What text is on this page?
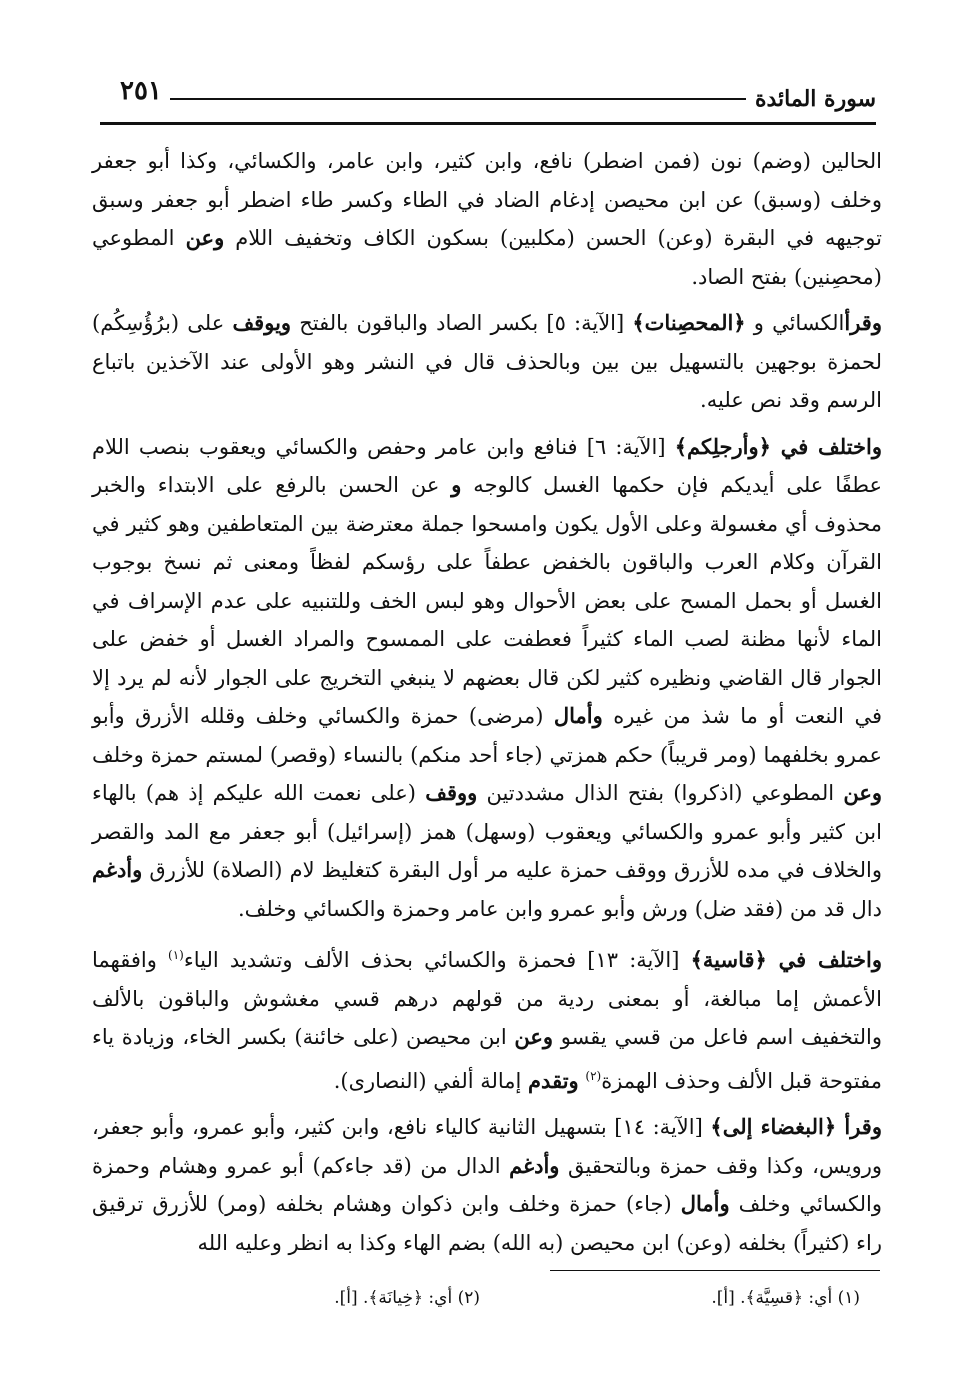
٢٥١	سورة المائدة

الحالين (وضم) نون (فمن اضطر) نافع، وابن كثير، وابن عامر، والكسائي، وكذا أبو جعفر وخلف (وسبق) عن ابن محيصن إدغام الضاد في الطاء وكسر طاء اضطر أبو جعفر وسبق توجيهه في البقرة (وعن) الحسن (مكلبين) بسكون الكاف وتخفيف اللام وعن المطوعي (محصِنين) بفتح الصاد.

وقرأالكسائي و ﴿المحصِنات﴾ [الآية: ٥] بكسر الصاد والباقون بالفتح ويوقف على (برُؤُسِكُم) لحمزة بوجهين بالتسهيل بين بين وبالحذف قال في النشر وهو الأولى عند الآخذين باتباع الرسم وقد نص عليه.

واختلف في ﴿وأرجلِكم﴾ [الآية: ٦] فنافع وابن عامر وحفص والكسائي ويعقوب بنصب اللام عطفًا على أيديكم فإن حكمها الغسل كالوجه و عن الحسن بالرفع على الابتداء والخبر محذوف أي مغسولة وعلى الأول يكون وامسحوا جملة معترضة بين المتعاطفين وهو كثير في القرآن وكلام العرب والباقون بالخفض عطفاً على رؤسكم لفظاً ومعنى ثم نسخ بوجوب الغسل أو بحمل المسح على بعض الأحوال وهو لبس الخف وللتنبيه على عدم الإسراف في الماء لأنها مظنة لصب الماء كثيراً فعطفت على الممسوح والمراد الغسل أو خفض على الجوار قال القاضي ونظيره كثير لكن قال بعضهم لا ينبغي التخريج على الجوار لأنه لم يرد إلا في النعت أو ما شذ من غيره وأمال (مرضى) حمزة والكسائي وخلف وقلله الأزرق وأبو عمرو بخلفهما (ومر قريباً) حكم همزتي (جاء أحد منكم) بالنساء (وقصر) لمستم حمزة وخلف وعن المطوعي (اذكروا) بفتح الذال مشددتين ووقف (على نعمت الله عليكم إذ هم) بالهاء ابن كثير وأبو عمرو والكسائي ويعقوب (وسهل) همز (إسرائيل) أبو جعفر مع المد والقصر والخلاف في مده للأزرق ووقف حمزة عليه مر أول البقرة كتغليظ لام (الصلاة) للأزرق وأدغم دال قد من (فقد ضل) ورش وأبو عمرو وابن عامر وحمزة والكسائي وخلف.

واختلف في ﴿قاسية﴾ [الآية: ١٣] فحمزة والكسائي بحذف الألف وتشديد الياء$^{(١)}$ وافقهما الأعمش إما مبالغة، أو بمعنى ردية من قولهم درهم قسي مغشوش والباقون بالألف والتخفيف اسم فاعل من قسي يقسو وعن ابن محيصن (على خائنة) بكسر الخاء، وزيادة ياء مفتوحة قبل الألف وحذف الهمزة$^{(٢)}$ وتقدم إمالة ألفي (النصارى).

وقرأ ﴿البغضاء إلى﴾ [الآية: ١٤] بتسهيل الثانية كالياء نافع، وابن كثير، وأبو عمرو، وأبو جعفر، ورويس، وكذا وقف حمزة وبالتحقيق وأدغم الدال من (قد جاءكم) أبو عمرو وهشام وحمزة والكسائي وخلف وأمال (جاء) حمزة وخلف وابن ذكوان وهشام بخلفه (ومر) للأزرق ترقيق راء (كثيراً) بخلفه (وعن) ابن محيصن (به الله) بضم الهاء وكذا به انظر وعليه الله

(١) أي: ﴿قسِيَّة﴾. [أ].
(٢) أي: ﴿خِيانَة﴾. [أ].
